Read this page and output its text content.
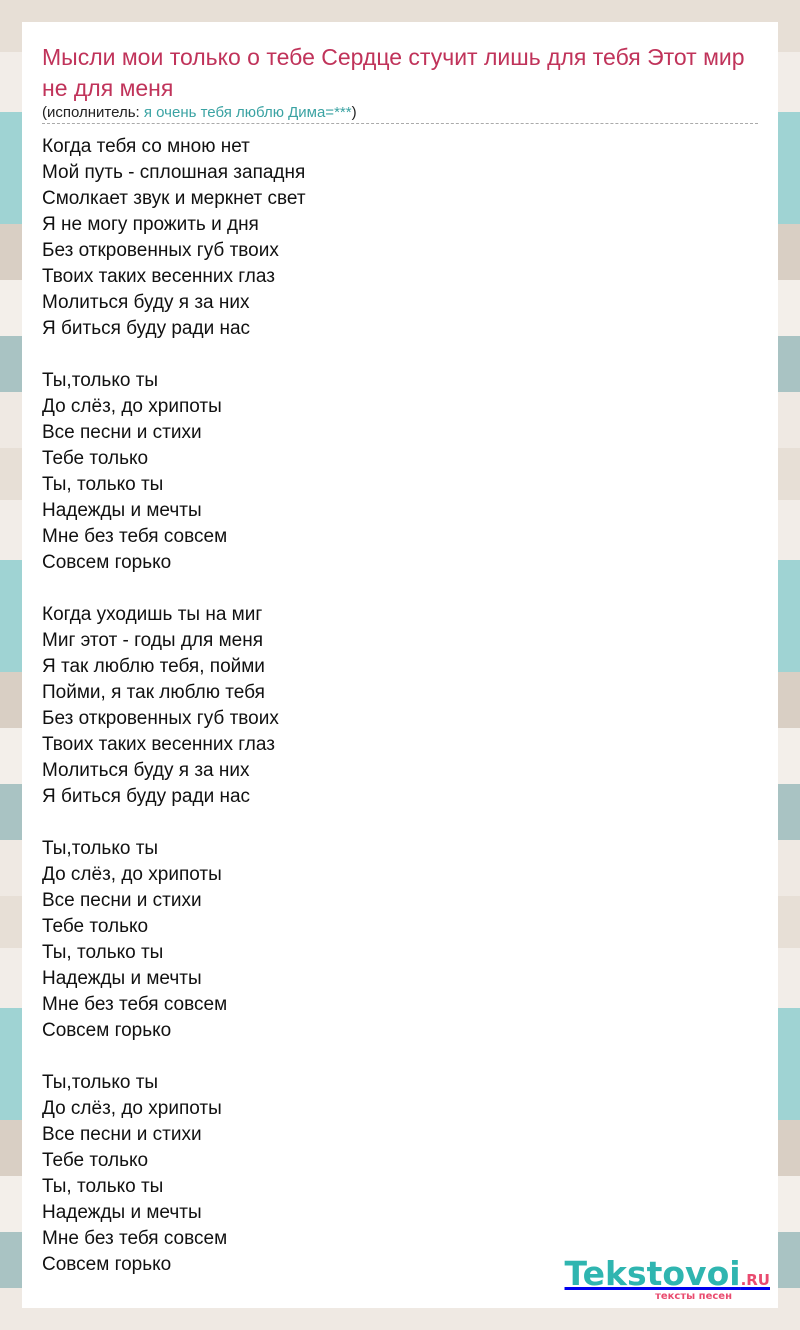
Мысли мои только о тебе Сердце стучит лишь для тебя Этот мир не для меня
(исполнитель: я очень тебя люблю Дима=***)
Когда тебя со мною нет
Мой путь - сплошная западня
Смолкает звук и меркнет свет
Я не могу прожить и дня
Без откровенных губ твоих
Твоих таких весенних глаз
Молиться буду я за них
Я биться буду ради нас
Ты,только ты
До слёз, до хрипоты
Все песни и стихи
Тебе только
Ты, только ты
Надежды и мечты
Мне без тебя совсем
Совсем горько
Когда уходишь ты на миг
Миг этот - годы для меня
Я так люблю тебя, пойми
Пойми, я так люблю тебя
Без откровенных губ твоих
Твоих таких весенних глаз
Молиться буду я за них
Я биться буду ради нас
Ты,только ты
До слёз, до хрипоты
Все песни и стихи
Тебе только
Ты, только ты
Надежды и мечты
Мне без тебя совсем
Совсем горько
Ты,только ты
До слёз, до хрипоты
Все песни и стихи
Тебе только
Ты, только ты
Надежды и мечты
Мне без тебя совсем
Совсем горько	Tekstovoi.RU
тексты песен
